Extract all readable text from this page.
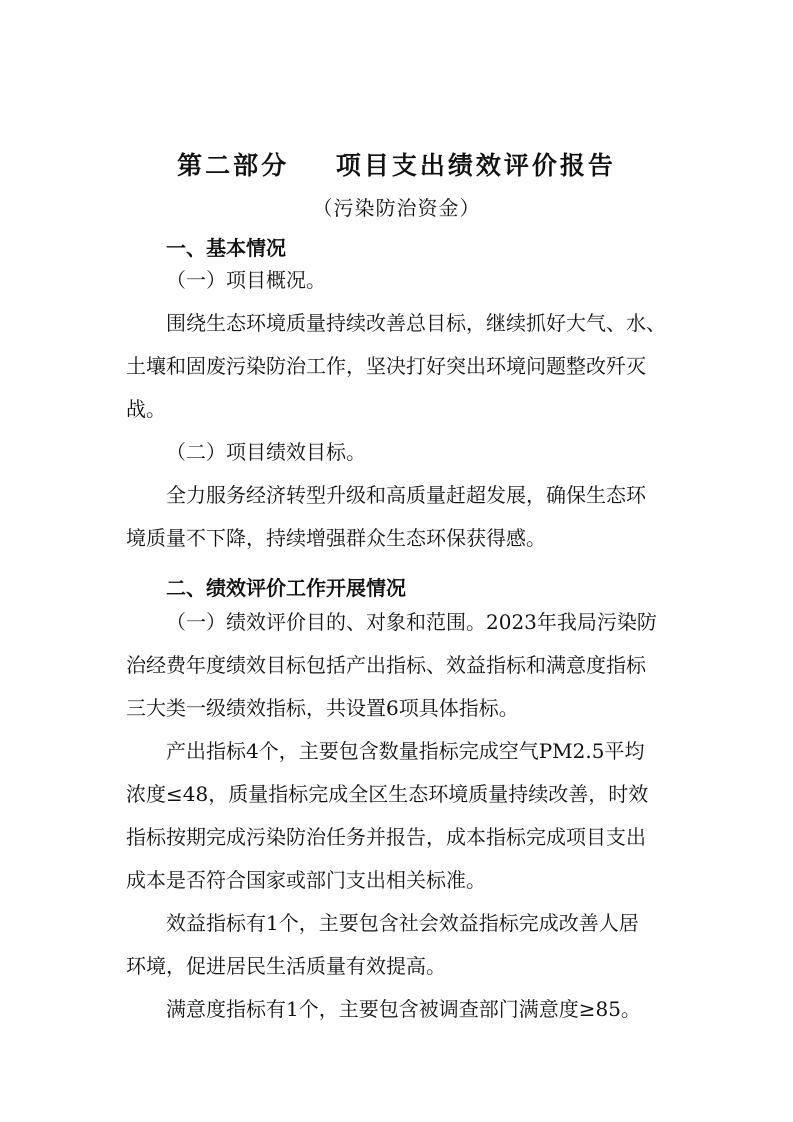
第二部分    项目支出绩效评价报告
（污染防治资金）
一、基本情况
（一）项目概况。
围绕生态环境质量持续改善总目标，继续抓好大气、水、
土壤和固废污染防治工作，坚决打好突出环境问题整改歼灭
战。
（二）项目绩效目标。
全力服务经济转型升级和高质量赶超发展，确保生态环
境质量不下降，持续增强群众生态环保获得感。
二、绩效评价工作开展情况
（一）绩效评价目的、对象和范围。2023年我局污染防
治经费年度绩效目标包括产出指标、效益指标和满意度指标
三大类一级绩效指标，共设置6项具体指标。
产出指标4个，主要包含数量指标完成空气PM2.5平均
浓度≤48，质量指标完成全区生态环境质量持续改善，时效
指标按期完成污染防治任务并报告，成本指标完成项目支出
成本是否符合国家或部门支出相关标准。
效益指标有1个，主要包含社会效益指标完成改善人居
环境，促进居民生活质量有效提高。
满意度指标有1个，主要包含被调查部门满意度≥85。
